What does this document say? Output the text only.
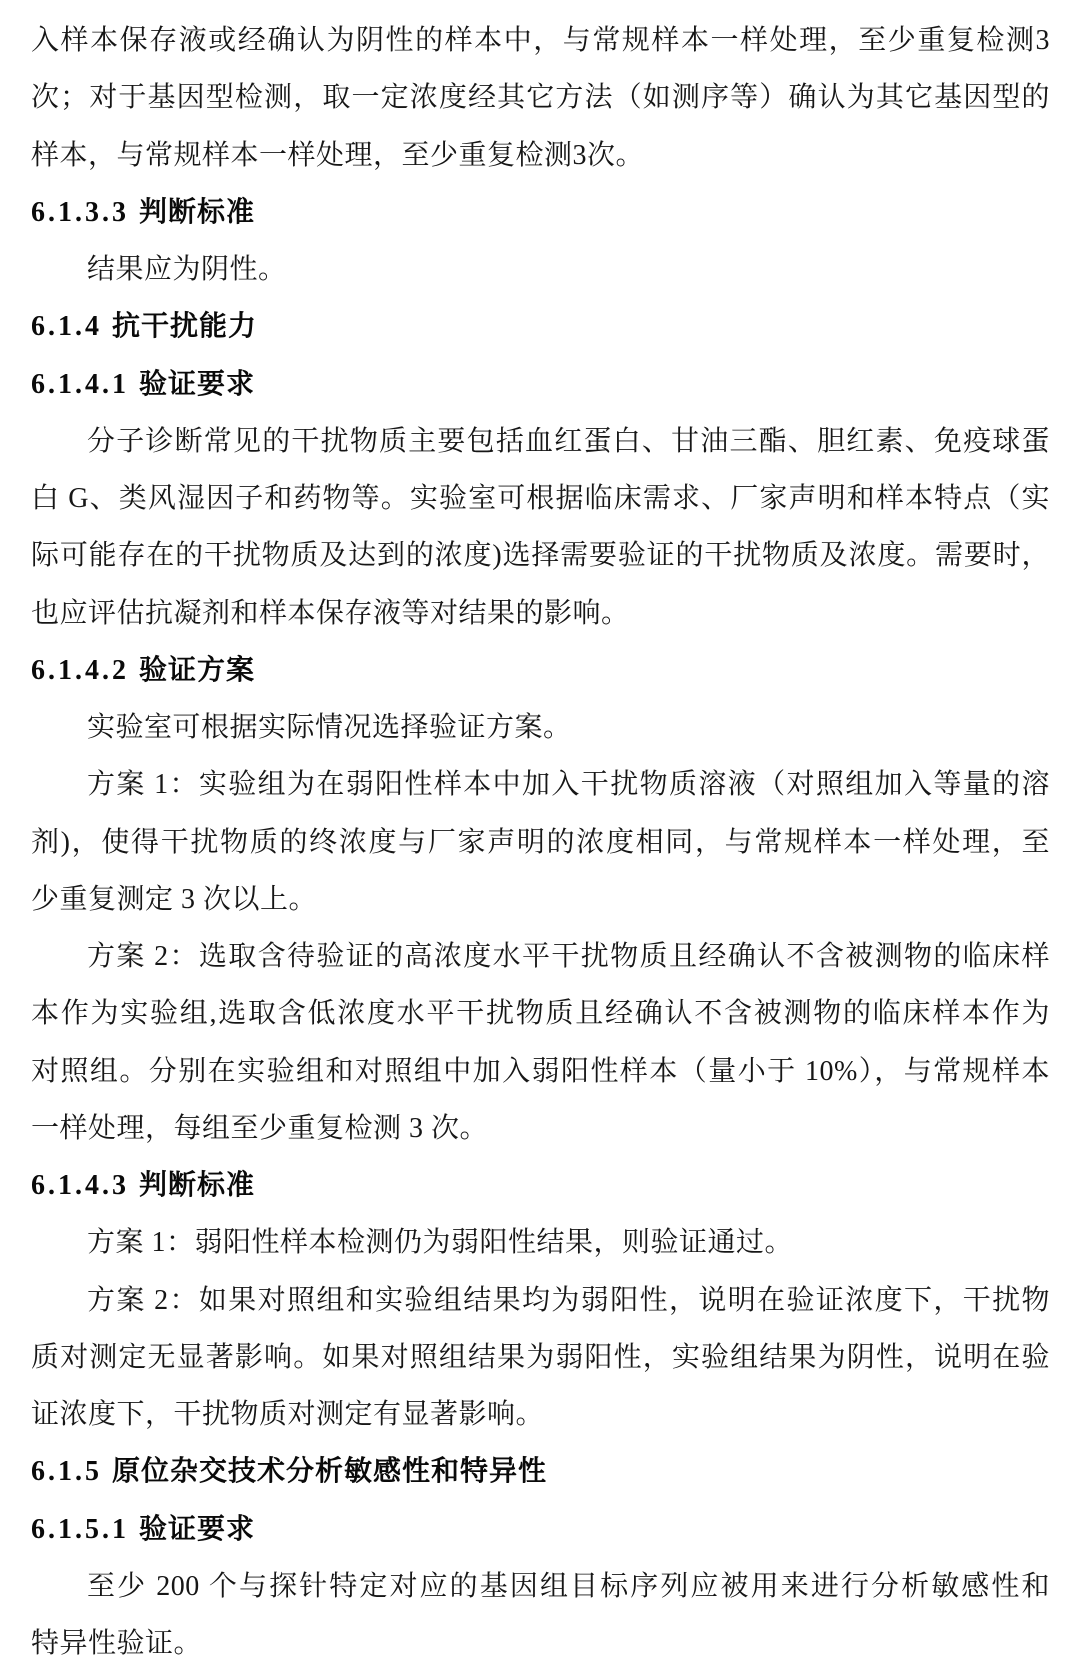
入样本保存液或经确认为阴性的样本中，与常规样本一样处理，至少重复检测3
次；对于基因型检测，取一定浓度经其它方法（如测序等）确认为其它基因型的
样本，与常规样本一样处理，至少重复检测3次。
6.1.3.3 判断标准
结果应为阴性。
6.1.4 抗干扰能力
6.1.4.1 验证要求
分子诊断常见的干扰物质主要包括血红蛋白、甘油三酯、胆红素、免疫球蛋
白 G、类风湿因子和药物等。实验室可根据临床需求、厂家声明和样本特点（实
际可能存在的干扰物质及达到的浓度)选择需要验证的干扰物质及浓度。需要时，
也应评估抗凝剂和样本保存液等对结果的影响。
6.1.4.2 验证方案
实验室可根据实际情况选择验证方案。
方案 1：实验组为在弱阳性样本中加入干扰物质溶液（对照组加入等量的溶
剂)，使得干扰物质的终浓度与厂家声明的浓度相同，与常规样本一样处理，至
少重复测定 3 次以上。
方案 2：选取含待验证的高浓度水平干扰物质且经确认不含被测物的临床样
本作为实验组,选取含低浓度水平干扰物质且经确认不含被测物的临床样本作为
对照组。分别在实验组和对照组中加入弱阳性样本（量小于 10%），与常规样本
一样处理，每组至少重复检测 3 次。
6.1.4.3 判断标准
方案 1：弱阳性样本检测仍为弱阳性结果，则验证通过。
方案 2：如果对照组和实验组结果均为弱阳性，说明在验证浓度下，干扰物
质对测定无显著影响。如果对照组结果为弱阳性，实验组结果为阴性，说明在验
证浓度下，干扰物质对测定有显著影响。
6.1.5 原位杂交技术分析敏感性和特异性
6.1.5.1 验证要求
至少 200 个与探针特定对应的基因组目标序列应被用来进行分析敏感性和
特异性验证。
